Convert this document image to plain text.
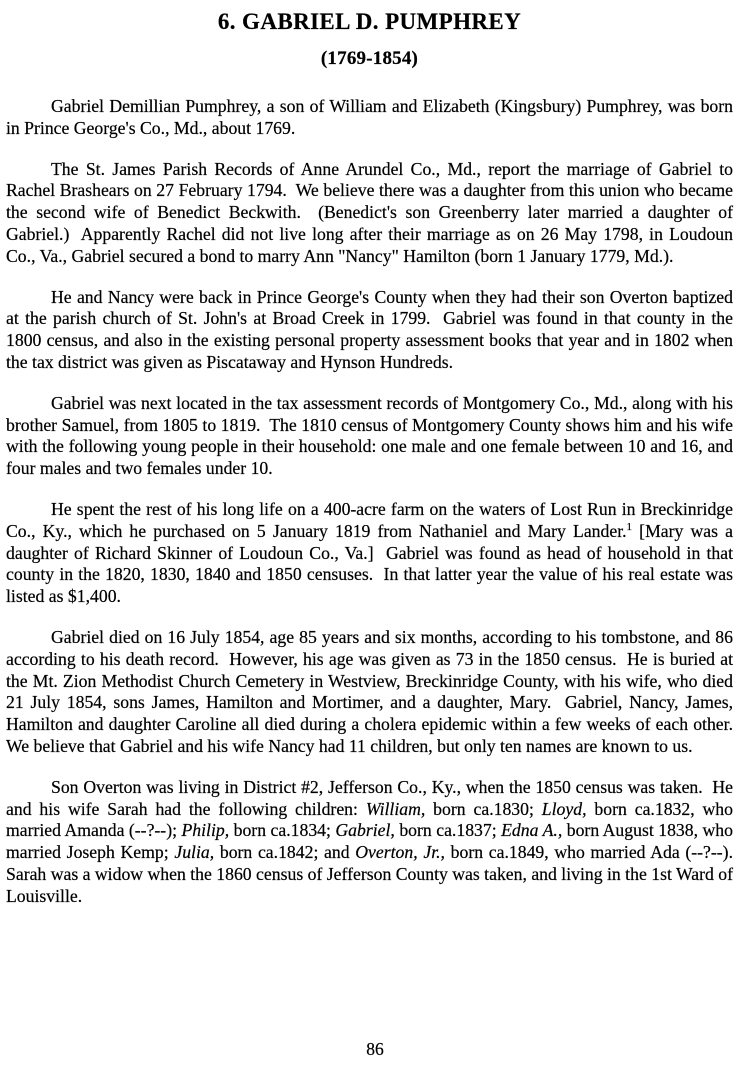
6. GABRIEL D. PUMPHREY
(1769-1854)

Gabriel Demillian Pumphrey, a son of William and Elizabeth (Kingsbury) Pumphrey, was born in Prince George's Co., Md., about 1769.

The St. James Parish Records of Anne Arundel Co., Md., report the marriage of Gabriel to Rachel Brashears on 27 February 1794.  We believe there was a daughter from this union who became the second wife of Benedict Beckwith.  (Benedict's son Greenberry later married a daughter of Gabriel.)  Apparently Rachel did not live long after their marriage as on 26 May 1798, in Loudoun Co., Va., Gabriel secured a bond to marry Ann "Nancy" Hamilton (born 1 January 1779, Md.).

He and Nancy were back in Prince George's County when they had their son Overton baptized at the parish church of St. John's at Broad Creek in 1799.  Gabriel was found in that county in the 1800 census, and also in the existing personal property assessment books that year and in 1802 when the tax district was given as Piscataway and Hynson Hundreds.

Gabriel was next located in the tax assessment records of Montgomery Co., Md., along with his brother Samuel, from 1805 to 1819.  The 1810 census of Montgomery County shows him and his wife with the following young people in their household: one male and one female between 10 and 16, and four males and two females under 10.

He spent the rest of his long life on a 400-acre farm on the waters of Lost Run in Breckinridge Co., Ky., which he purchased on 5 January 1819 from Nathaniel and Mary Lander.$^1$ [Mary was a daughter of Richard Skinner of Loudoun Co., Va.]  Gabriel was found as head of household in that county in the 1820, 1830, 1840 and 1850 censuses.  In that latter year the value of his real estate was listed as $1,400.

Gabriel died on 16 July 1854, age 85 years and six months, according to his tombstone, and 86 according to his death record.  However, his age was given as 73 in the 1850 census.  He is buried at the Mt. Zion Methodist Church Cemetery in Westview, Breckinridge County, with his wife, who died 21 July 1854, sons James, Hamilton and Mortimer, and a daughter, Mary.  Gabriel, Nancy, James, Hamilton and daughter Caroline all died during a cholera epidemic within a few weeks of each other.  We believe that Gabriel and his wife Nancy had 11 children, but only ten names are known to us.

Son Overton was living in District #2, Jefferson Co., Ky., when the 1850 census was taken.  He and his wife Sarah had the following children: William, born ca.1830; Lloyd, born ca.1832, who married Amanda (--?--); Philip, born ca.1834; Gabriel, born ca.1837; Edna A., born August 1838, who married Joseph Kemp; Julia, born ca.1842; and Overton, Jr., born ca.1849, who married Ada (--?--).  Sarah was a widow when the 1860 census of Jefferson County was taken, and living in the 1st Ward of Louisville.

86
